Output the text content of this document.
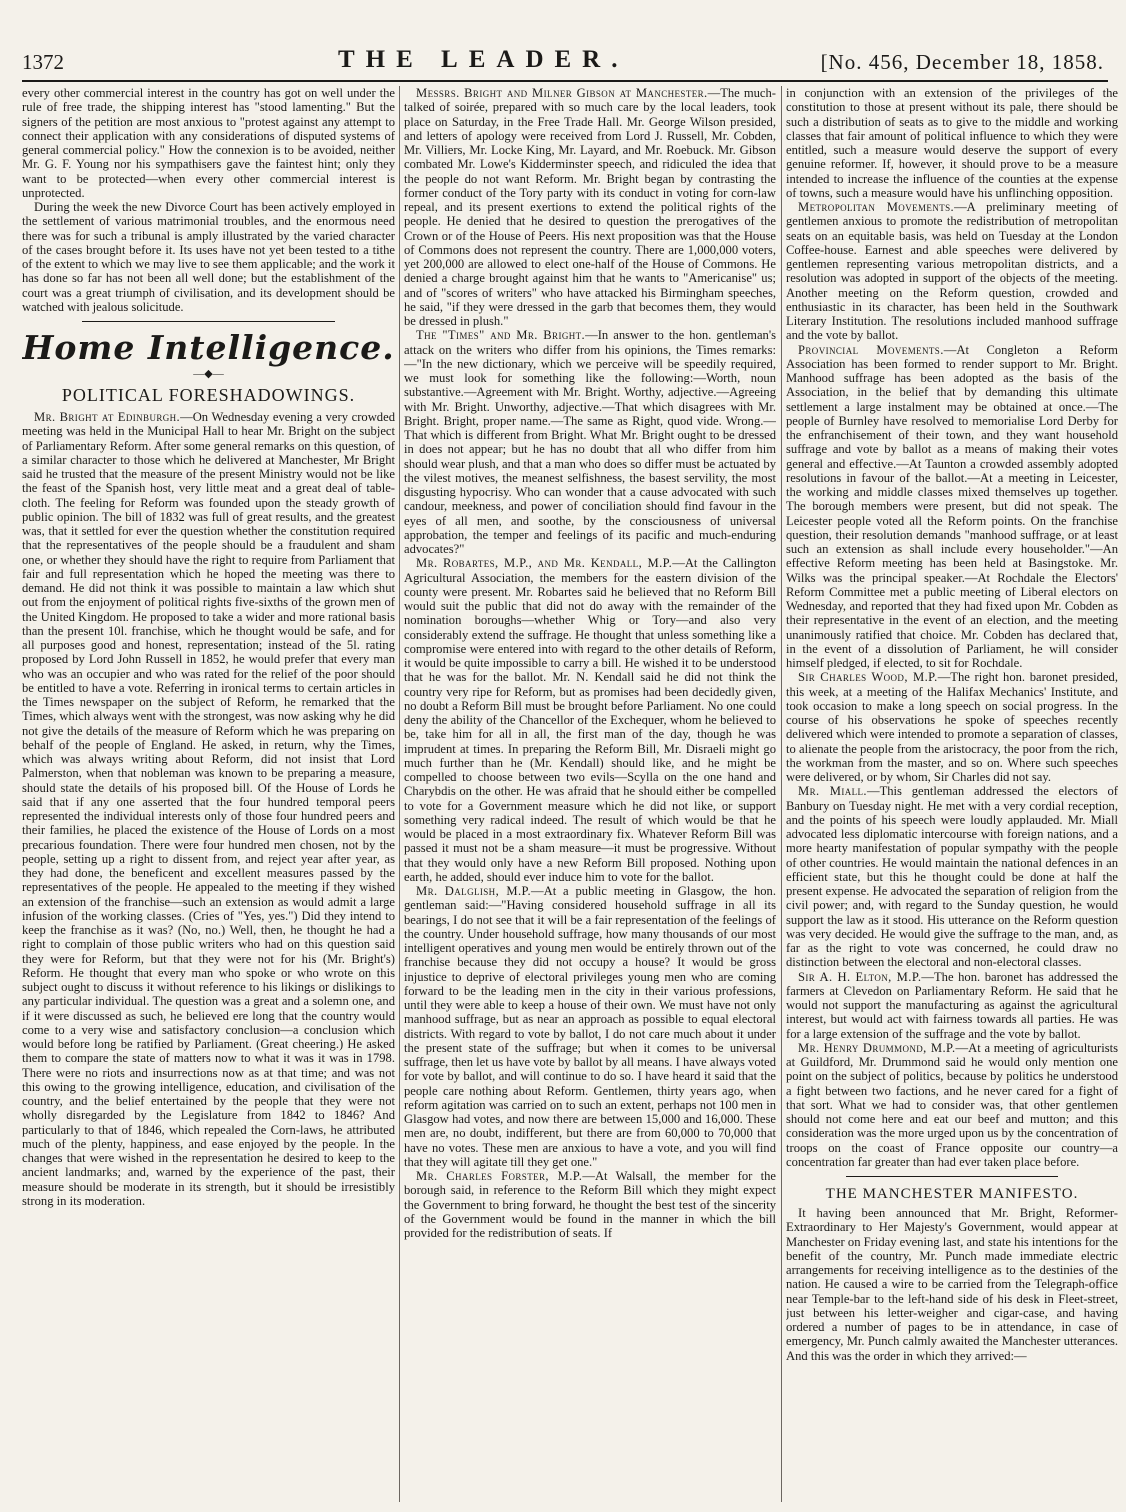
1372	THE LEADER.	[No. 456, December 18, 1858.

every other commercial interest in the country has got on well under the rule of free trade, the shipping interest has "stood lamenting." But the signers of the petition are most anxious to "protest against any attempt to connect their application with any considerations of disputed systems of general commercial policy." How the connexion is to be avoided, neither Mr. G. F. Young nor his sympathisers gave the faintest hint; only they want to be protected—when every other commercial interest is unprotected.

During the week the new Divorce Court has been actively employed in the settlement of various matrimonial troubles, and the enormous need there was for such a tribunal is amply illustrated by the varied character of the cases brought before it. Its uses have not yet been tested to a tithe of the extent to which we may live to see them applicable; and the work it has done so far has not been all well done; but the establishment of the court was a great triumph of civilisation, and its development should be watched with jealous solicitude.

Home Intelligence.
—◆—
POLITICAL FORESHADOWINGS.

Mr. Bright at Edinburgh.—On Wednesday evening a very crowded meeting was held in the Municipal Hall to hear Mr. Bright on the subject of Parliamentary Reform. After some general remarks on this question, of a similar character to those which he delivered at Manchester, Mr Bright said he trusted that the measure of the present Ministry would not be like the feast of the Spanish host, very little meat and a great deal of table-cloth. The feeling for Reform was founded upon the steady growth of public opinion. The bill of 1832 was full of great results, and the greatest was, that it settled for ever the question whether the constitution required that the representatives of the people should be a fraudulent and sham one, or whether they should have the right to require from Parliament that fair and full representation which he hoped the meeting was there to demand. He did not think it was possible to maintain a law which shut out from the enjoyment of political rights five-sixths of the grown men of the United Kingdom. He proposed to take a wider and more rational basis than the present 10l. franchise, which he thought would be safe, and for all purposes good and honest, representation; instead of the 5l. rating proposed by Lord John Russell in 1852, he would prefer that every man who was an occupier and who was rated for the relief of the poor should be entitled to have a vote. Referring in ironical terms to certain articles in the Times newspaper on the subject of Reform, he remarked that the Times, which always went with the strongest, was now asking why he did not give the details of the measure of Reform which he was preparing on behalf of the people of England. He asked, in return, why the Times, which was always writing about Reform, did not insist that Lord Palmerston, when that nobleman was known to be preparing a measure, should state the details of his proposed bill. Of the House of Lords he said that if any one asserted that the four hundred temporal peers represented the individual interests only of those four hundred peers and their families, he placed the existence of the House of Lords on a most precarious foundation. There were four hundred men chosen, not by the people, setting up a right to dissent from, and reject year after year, as they had done, the beneficent and excellent measures passed by the representatives of the people. He appealed to the meeting if they wished an extension of the franchise—such an extension as would admit a large infusion of the working classes. (Cries of "Yes, yes.") Did they intend to keep the franchise as it was? (No, no.) Well, then, he thought he had a right to complain of those public writers who had on this question said they were for Reform, but that they were not for his (Mr. Bright's) Reform. He thought that every man who spoke or who wrote on this subject ought to discuss it without reference to his likings or dislikings to any particular individual. The question was a great and a solemn one, and if it were discussed as such, he believed ere long that the country would come to a very wise and satisfactory conclusion—a conclusion which would before long be ratified by Parliament. (Great cheering.) He asked them to compare the state of matters now to what it was it was in 1798. There were no riots and insurrections now as at that time; and was not this owing to the growing intelligence, education, and civilisation of the country, and the belief entertained by the people that they were not wholly disregarded by the Legislature from 1842 to 1846? And particularly to that of 1846, which repealed the Corn-laws, he attributed much of the plenty, happiness, and ease enjoyed by the people. In the changes that were wished in the representation he desired to keep to the ancient landmarks; and, warned by the experience of the past, their measure should be moderate in its strength, but it should be irresistibly strong in its moderation.

Messrs. Bright and Milner Gibson at Manchester.—The much-talked of soirée, prepared with so much care by the local leaders, took place on Saturday, in the Free Trade Hall. Mr. George Wilson presided, and letters of apology were received from Lord J. Russell, Mr. Cobden, Mr. Villiers, Mr. Locke King, Mr. Layard, and Mr. Roebuck. Mr. Gibson combated Mr. Lowe's Kidderminster speech, and ridiculed the idea that the people do not want Reform. Mr. Bright began by contrasting the former conduct of the Tory party with its conduct in voting for corn-law repeal, and its present exertions to extend the political rights of the people. He denied that he desired to question the prerogatives of the Crown or of the House of Peers. His next proposition was that the House of Commons does not represent the country. There are 1,000,000 voters, yet 200,000 are allowed to elect one-half of the House of Commons. He denied a charge brought against him that he wants to "Americanise" us; and of "scores of writers" who have attacked his Birmingham speeches, he said, "if they were dressed in the garb that becomes them, they would be dressed in plush."

The "Times" and Mr. Bright.—In answer to the hon. gentleman's attack on the writers who differ from his opinions, the Times remarks:—"In the new dictionary, which we perceive will be speedily required, we must look for something like the following:—Worth, noun substantive.—Agreement with Mr. Bright. Worthy, adjective.—Agreeing with Mr. Bright. Unworthy, adjective.—That which disagrees with Mr. Bright. Bright, proper name.—The same as Right, quod vide. Wrong.—That which is different from Bright. What Mr. Bright ought to be dressed in does not appear; but he has no doubt that all who differ from him should wear plush, and that a man who does so differ must be actuated by the vilest motives, the meanest selfishness, the basest servility, the most disgusting hypocrisy. Who can wonder that a cause advocated with such candour, meekness, and power of conciliation should find favour in the eyes of all men, and soothe, by the consciousness of universal approbation, the temper and feelings of its pacific and much-enduring advocates?"

Mr. Robartes, M.P., and Mr. Kendall, M.P.—At the Callington Agricultural Association, the members for the eastern division of the county were present. Mr. Robartes said he believed that no Reform Bill would suit the public that did not do away with the remainder of the nomination boroughs—whether Whig or Tory—and also very considerably extend the suffrage. He thought that unless something like a compromise were entered into with regard to the other details of Reform, it would be quite impossible to carry a bill. He wished it to be understood that he was for the ballot. Mr. N. Kendall said he did not think the country very ripe for Reform, but as promises had been decidedly given, no doubt a Reform Bill must be brought before Parliament. No one could deny the ability of the Chancellor of the Exchequer, whom he believed to be, take him for all in all, the first man of the day, though he was imprudent at times. In preparing the Reform Bill, Mr. Disraeli might go much further than he (Mr. Kendall) should like, and he might be compelled to choose between two evils—Scylla on the one hand and Charybdis on the other. He was afraid that he should either be compelled to vote for a Government measure which he did not like, or support something very radical indeed. The result of which would be that he would be placed in a most extraordinary fix. Whatever Reform Bill was passed it must not be a sham measure—it must be progressive. Without that they would only have a new Reform Bill proposed. Nothing upon earth, he added, should ever induce him to vote for the ballot.

Mr. Dalglish, M.P.—At a public meeting in Glasgow, the hon. gentleman said:—"Having considered household suffrage in all its bearings, I do not see that it will be a fair representation of the feelings of the country. Under household suffrage, how many thousands of our most intelligent operatives and young men would be entirely thrown out of the franchise because they did not occupy a house? It would be gross injustice to deprive of electoral privileges young men who are coming forward to be the leading men in the city in their various professions, until they were able to keep a house of their own. We must have not only manhood suffrage, but as near an approach as possible to equal electoral districts. With regard to vote by ballot, I do not care much about it under the present state of the suffrage; but when it comes to be universal suffrage, then let us have vote by ballot by all means. I have always voted for vote by ballot, and will continue to do so. I have heard it said that the people care nothing about Reform. Gentlemen, thirty years ago, when reform agitation was carried on to such an extent, perhaps not 100 men in Glasgow had votes, and now there are between 15,000 and 16,000. These men are, no doubt, indifferent, but there are from 60,000 to 70,000 that have no votes. These men are anxious to have a vote, and you will find that they will agitate till they get one."

Mr. Charles Forster, M.P.—At Walsall, the member for the borough said, in reference to the Reform Bill which they might expect the Government to bring forward, he thought the best test of the sincerity of the Government would be found in the manner in which the bill provided for the redistribution of seats. If

in conjunction with an extension of the privileges of the constitution to those at present without its pale, there should be such a distribution of seats as to give to the middle and working classes that fair amount of political influence to which they were entitled, such a measure would deserve the support of every genuine reformer. If, however, it should prove to be a measure intended to increase the influence of the counties at the expense of towns, such a measure would have his unflinching opposition.

Metropolitan Movements.—A preliminary meeting of gentlemen anxious to promote the redistribution of metropolitan seats on an equitable basis, was held on Tuesday at the London Coffee-house. Earnest and able speeches were delivered by gentlemen representing various metropolitan districts, and a resolution was adopted in support of the objects of the meeting. Another meeting on the Reform question, crowded and enthusiastic in its character, has been held in the Southwark Literary Institution. The resolutions included manhood suffrage and the vote by ballot.

Provincial Movements.—At Congleton a Reform Association has been formed to render support to Mr. Bright. Manhood suffrage has been adopted as the basis of the Association, in the belief that by demanding this ultimate settlement a large instalment may be obtained at once.—The people of Burnley have resolved to memorialise Lord Derby for the enfranchisement of their town, and they want household suffrage and vote by ballot as a means of making their votes general and effective.—At Taunton a crowded assembly adopted resolutions in favour of the ballot.—At a meeting in Leicester, the working and middle classes mixed themselves up together. The borough members were present, but did not speak. The Leicester people voted all the Reform points. On the franchise question, their resolution demands "manhood suffrage, or at least such an extension as shall include every householder."—An effective Reform meeting has been held at Basingstoke. Mr. Wilks was the principal speaker.—At Rochdale the Electors' Reform Committee met a public meeting of Liberal electors on Wednesday, and reported that they had fixed upon Mr. Cobden as their representative in the event of an election, and the meeting unanimously ratified that choice. Mr. Cobden has declared that, in the event of a dissolution of Parliament, he will consider himself pledged, if elected, to sit for Rochdale.

Sir Charles Wood, M.P.—The right hon. baronet presided, this week, at a meeting of the Halifax Mechanics' Institute, and took occasion to make a long speech on social progress. In the course of his observations he spoke of speeches recently delivered which were intended to promote a separation of classes, to alienate the people from the aristocracy, the poor from the rich, the workman from the master, and so on. Where such speeches were delivered, or by whom, Sir Charles did not say.

Mr. Miall.—This gentleman addressed the electors of Banbury on Tuesday night. He met with a very cordial reception, and the points of his speech were loudly applauded. Mr. Miall advocated less diplomatic intercourse with foreign nations, and a more hearty manifestation of popular sympathy with the people of other countries. He would maintain the national defences in an efficient state, but this he thought could be done at half the present expense. He advocated the separation of religion from the civil power; and, with regard to the Sunday question, he would support the law as it stood. His utterance on the Reform question was very decided. He would give the suffrage to the man, and, as far as the right to vote was concerned, he could draw no distinction between the electoral and non-electoral classes.

Sir A. H. Elton, M.P.—The hon. baronet has addressed the farmers at Clevedon on Parliamentary Reform. He said that he would not support the manufacturing as against the agricultural interest, but would act with fairness towards all parties. He was for a large extension of the suffrage and the vote by ballot.

Mr. Henry Drummond, M.P.—At a meeting of agriculturists at Guildford, Mr. Drummond said he would only mention one point on the subject of politics, because by politics he understood a fight between two factions, and he never cared for a fight of that sort. What we had to consider was, that other gentlemen should not come here and eat our beef and mutton; and this consideration was the more urged upon us by the concentration of troops on the coast of France opposite our country—a concentration far greater than had ever taken place before.

THE MANCHESTER MANIFESTO.

It having been announced that Mr. Bright, Reformer-Extraordinary to Her Majesty's Government, would appear at Manchester on Friday evening last, and state his intentions for the benefit of the country, Mr. Punch made immediate electric arrangements for receiving intelligence as to the destinies of the nation. He caused a wire to be carried from the Telegraph-office near Temple-bar to the left-hand side of his desk in Fleet-street, just between his letter-weigher and cigar-case, and having ordered a number of pages to be in attendance, in case of emergency, Mr. Punch calmly awaited the Manchester utterances. And this was the order in which they arrived:—
